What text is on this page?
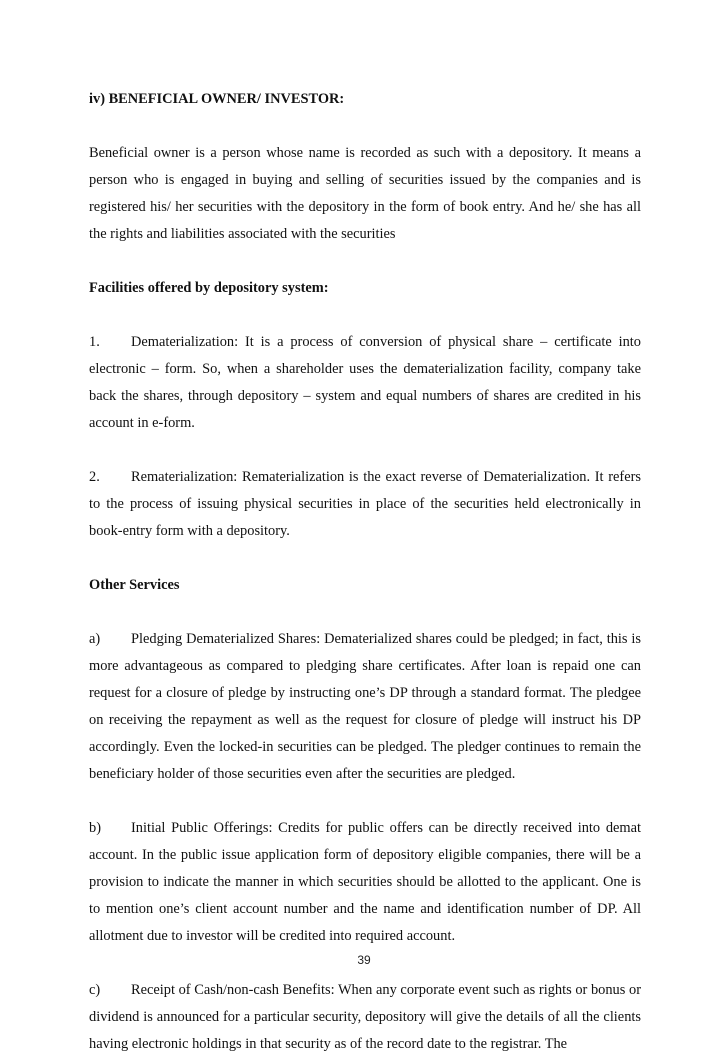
iv) BENEFICIAL OWNER/ INVESTOR:

Beneficial owner is a person whose name is recorded as such with a depository. It means a person who is engaged in buying and selling of securities issued by the companies and is registered his/ her securities with the depository in the form of book entry. And he/ she has all the rights and liabilities associated with the securities

Facilities offered by depository system:

1. Dematerialization: It is a process of conversion of physical share – certificate into electronic – form. So, when a shareholder uses the dematerialization facility, company take back the shares, through depository – system and equal numbers of shares are credited in his account in e-form.

2. Rematerialization: Rematerialization is the exact reverse of Dematerialization. It refers to the process of issuing physical securities in place of the securities held electronically in book-entry form with a depository.

Other Services

a) Pledging Dematerialized Shares: Dematerialized shares could be pledged; in fact, this is more advantageous as compared to pledging share certificates. After loan is repaid one can request for a closure of pledge by instructing one’s DP through a standard format. The pledgee on receiving the repayment as well as the request for closure of pledge will instruct his DP accordingly. Even the locked-in securities can be pledged. The pledger continues to remain the beneficiary holder of those securities even after the securities are pledged.

b) Initial Public Offerings: Credits for public offers can be directly received into demat account. In the public issue application form of depository eligible companies, there will be a provision to indicate the manner in which securities should be allotted to the applicant. One is to mention one’s client account number and the name and identification number of DP. All allotment due to investor will be credited into required account.

c) Receipt of Cash/non-cash Benefits: When any corporate event such as rights or bonus or dividend is announced for a particular security, depository will give the details of all the clients having electronic holdings in that security as of the record date to the registrar. The

39
